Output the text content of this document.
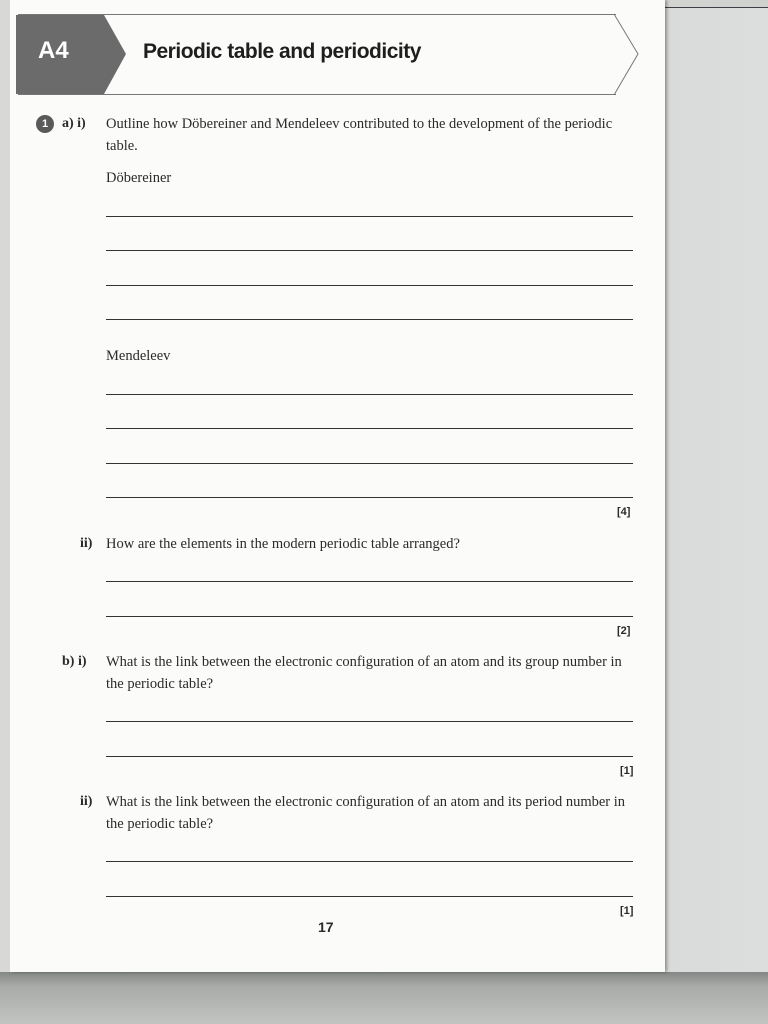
A4	Periodic table and periodicity
1 a) i) Outline how Döbereiner and Mendeleev contributed to the development of the periodic table.
Döbereiner
Mendeleev
[4]
ii) How are the elements in the modern periodic table arranged?
[2]
b) i) What is the link between the electronic configuration of an atom and its group number in the periodic table?
[1]
ii) What is the link between the electronic configuration of an atom and its period number in the periodic table?
[1]
17
